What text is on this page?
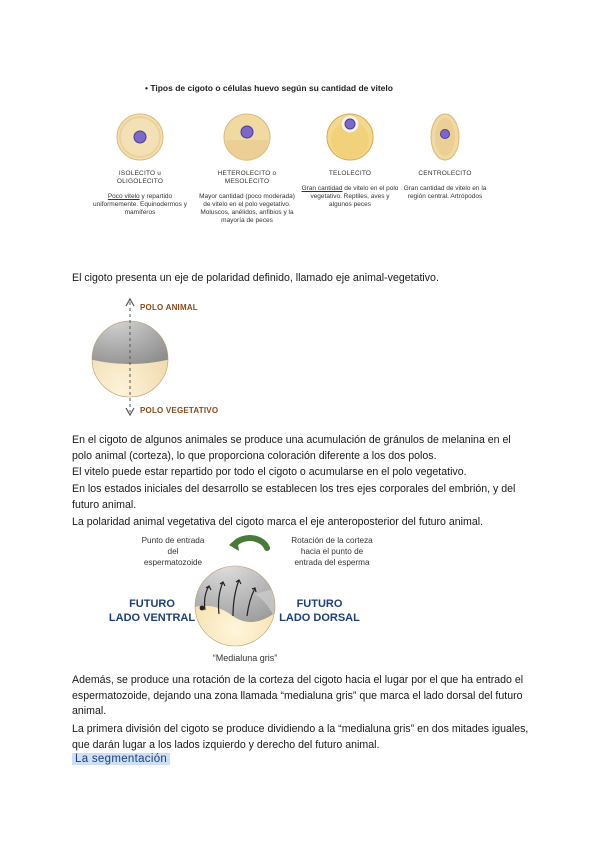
• Tipos de cigoto o células huevo según su cantidad de vitelo
ISOLECITO u
OLIGOLECITO
Poco vitelo y repartido uniformemente. Equinodermos y mamíferos
HETEROLECITO o
MESOLECITO
Mayor cantidad (poco moderada) de vitelo en el polo vegetativo. Moluscos, anélidos, anfibios y la mayoría de peces
TELOLECITO
Gran cantidad de vitelo en el polo vegetativo. Reptiles, aves y algunos peces
CENTROLECITO
Gran cantidad de vitelo en la región central. Artrópodos
El cigoto presenta un eje de polaridad definido, llamado eje animal-vegetativo.
POLO ANIMAL
POLO VEGETATIVO
En el cigoto de algunos animales se produce una acumulación de gránulos de melanina en el polo animal (corteza), lo que proporciona coloración diferente a los dos polos.
El vitelo puede estar repartido por todo el cigoto o acumularse en el polo vegetativo.
En los estados iniciales del desarrollo se establecen los tres ejes corporales del embrión, y del futuro animal.
La polaridad animal vegetativa del cigoto marca el eje anteroposterior del futuro animal.
Punto de entrada
del
espermatozoide
Rotación de la corteza
hacia el punto de
entrada del esperma
FUTURO
LADO VENTRAL
FUTURO
LADO DORSAL
“Medialuna gris”
Además, se produce una rotación de la corteza del cigoto hacia el lugar por el que ha entrado el espermatozoide, dejando una zona llamada “medialuna gris” que marca el lado dorsal del futuro animal.
La primera división del cigoto se produce dividiendo a la “medialuna gris” en dos mitades iguales, que darán lugar a los lados izquierdo y derecho del futuro animal.
La segmentación
